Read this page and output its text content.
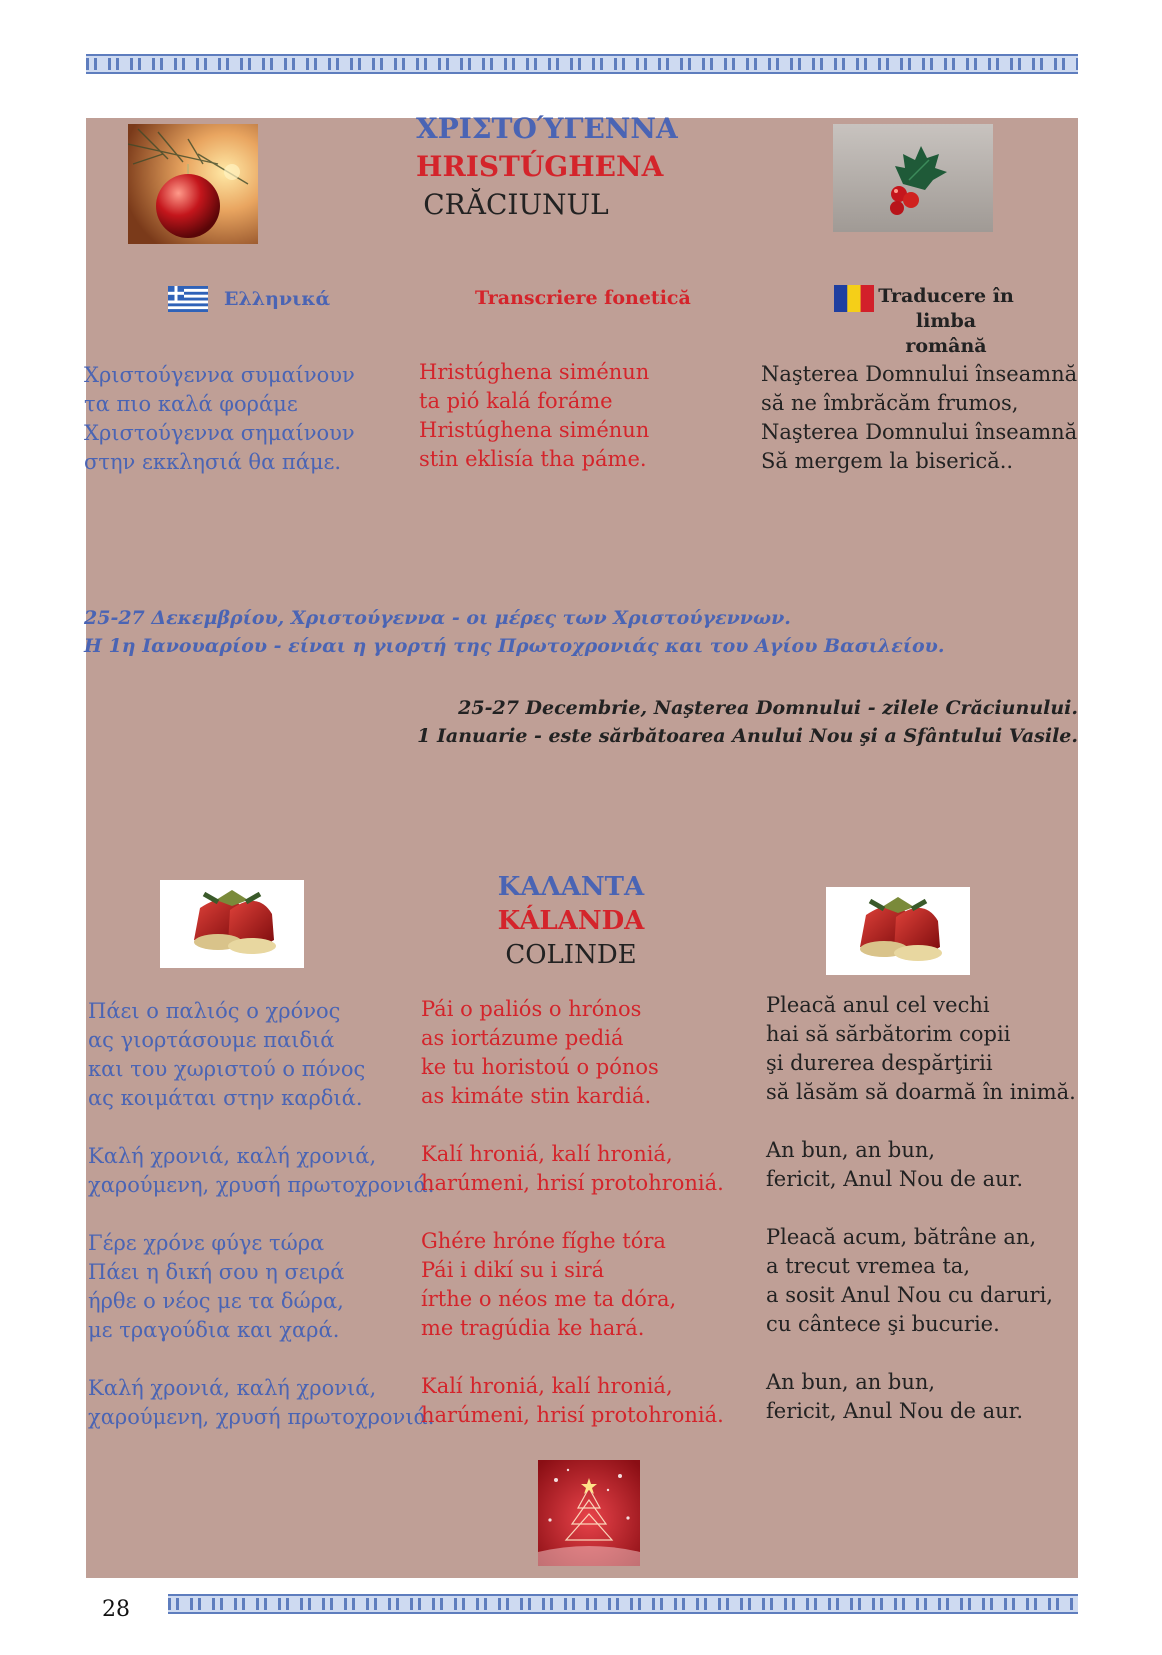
ΧΡΙΣΤΟΎΓΕΝΝΑ
HRISTÚGHENA
CRĂCIUNUL
Ελληνικά	Transcriere fonetică	Traducere în
limba română
Χριστούγεννα συμαίνουν
τα πιο καλά φοράμε
Χριστούγεννα σημαίνουν
στην εκκλησιά θα πάμε.
Hristúghena siménun
ta pió kalá foráme
Hristúghena siménun
stin eklisía tha páme.
Naşterea Domnului înseamnă
să ne îmbrăcăm frumos,
Naşterea Domnului înseamnă
Să mergem la biserică..
25-27 Δεκεμβρίου, Χριστούγεννα - οι μέρες των Χριστούγεννων.
Η 1η Ιανουαρίου - είναι η γιορτή της Πρωτοχρονιάς και του Αγίου Βασιλείου.
25-27 Decembrie, Naşterea Domnului - zilele Crăciunului.
1 Ianuarie - este sărbătoarea Anului Nou şi a Sfântului Vasile.
ΚΑΛΑΝΤΑ
KÁLANDA
COLINDE
Πάει ο παλιός ο χρόνος
ας γιορτάσουμε παιδιά
και του χωριστού ο πόνος
ας κοιμάται στην καρδιά.

Καλή χρονιά, καλή χρονιά,
χαρούμενη, χρυσή πρωτοχρονιά.

Γέρε χρόνε φύγε τώρα
Πάει η δική σου η σειρά
ήρθε ο νέος με τα δώρα,
με τραγούδια και χαρά.

Καλή χρονιά, καλή χρονιά,
χαρούμενη, χρυσή πρωτοχρονιά.
Pái o paliós o hrónos
as iortázume pediá
ke tu horistoú o pónos
as kimáte stin kardiá.

Kalí hroniá, kalí hroniá,
harúmeni, hrisí protohroniá.

Ghére hróne fíghe tóra
Pái i dikí su i sirá
írthe o néos me ta dóra,
me tragúdia ke hará.

Kalí hroniá, kalí hroniá,
harúmeni, hrisí protohroniá.
Pleacă anul cel vechi
hai să sărbătorim copii
şi durerea despărţirii
să lăsăm să doarmă în inimă.

An bun, an bun,
fericit, Anul Nou de aur.

Pleacă acum, bătrâne an,
a trecut vremea ta,
a sosit Anul Nou cu daruri,
cu cântece şi bucurie.

An bun, an bun,
fericit, Anul Nou de aur.
28
